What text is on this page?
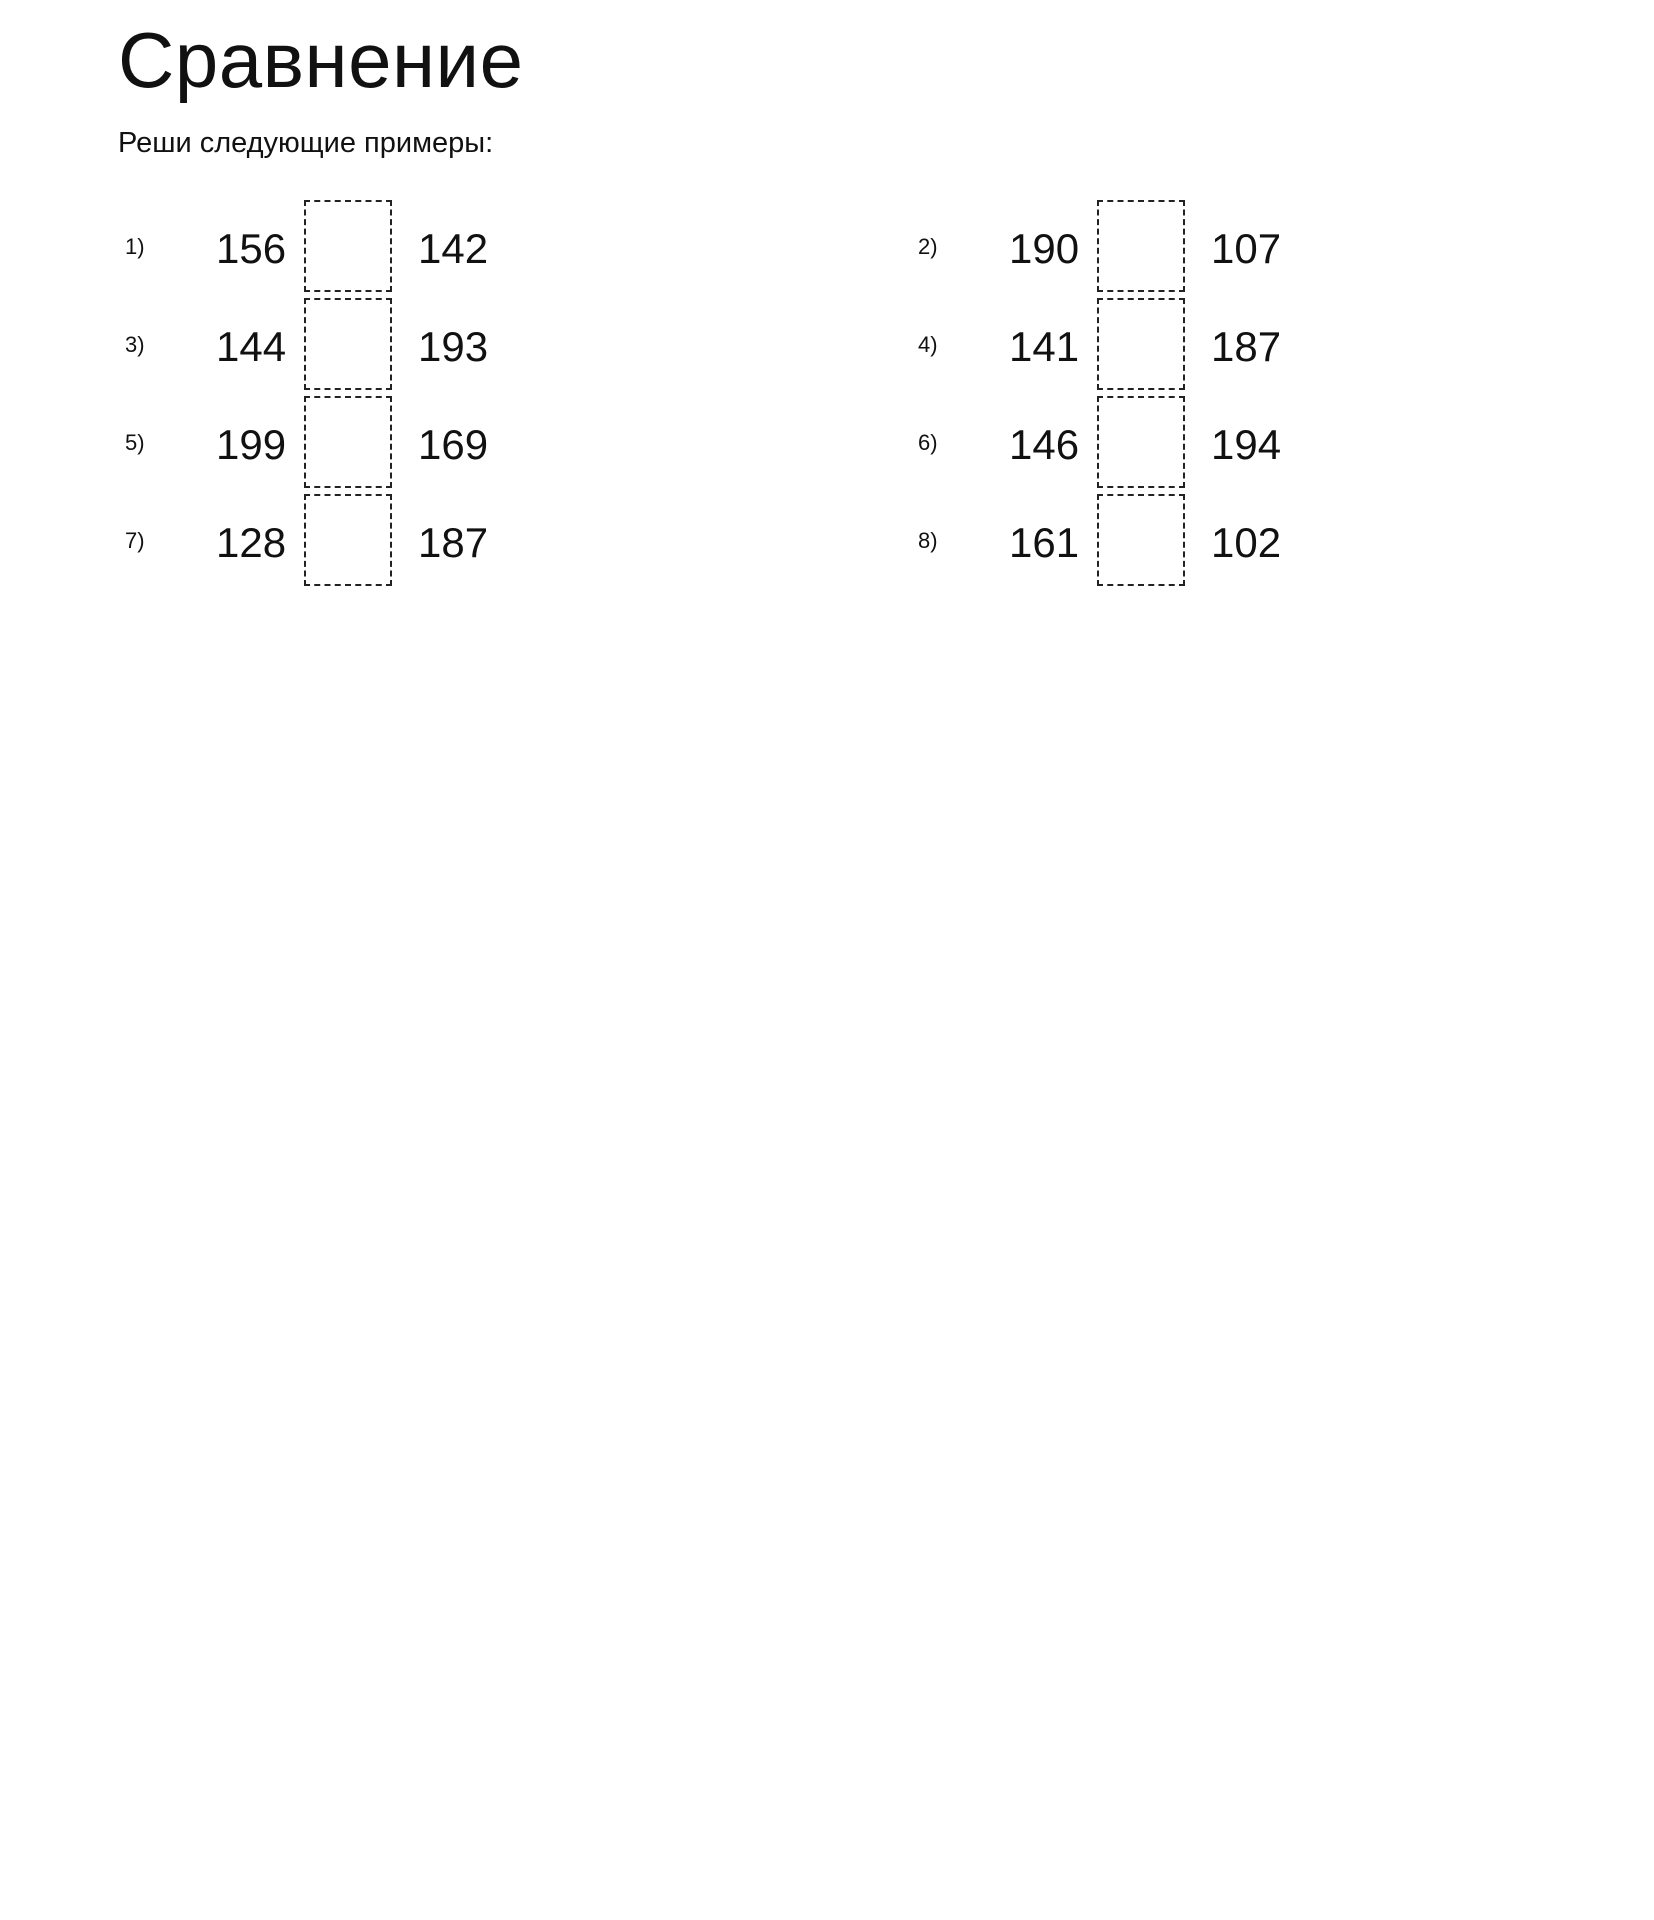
Сравнение
Реши следующие примеры:
1) 156	142
3) 144	193
5) 199	169
7) 128	187
2) 190	107
4) 141	187
6) 146	194
8) 161	102
